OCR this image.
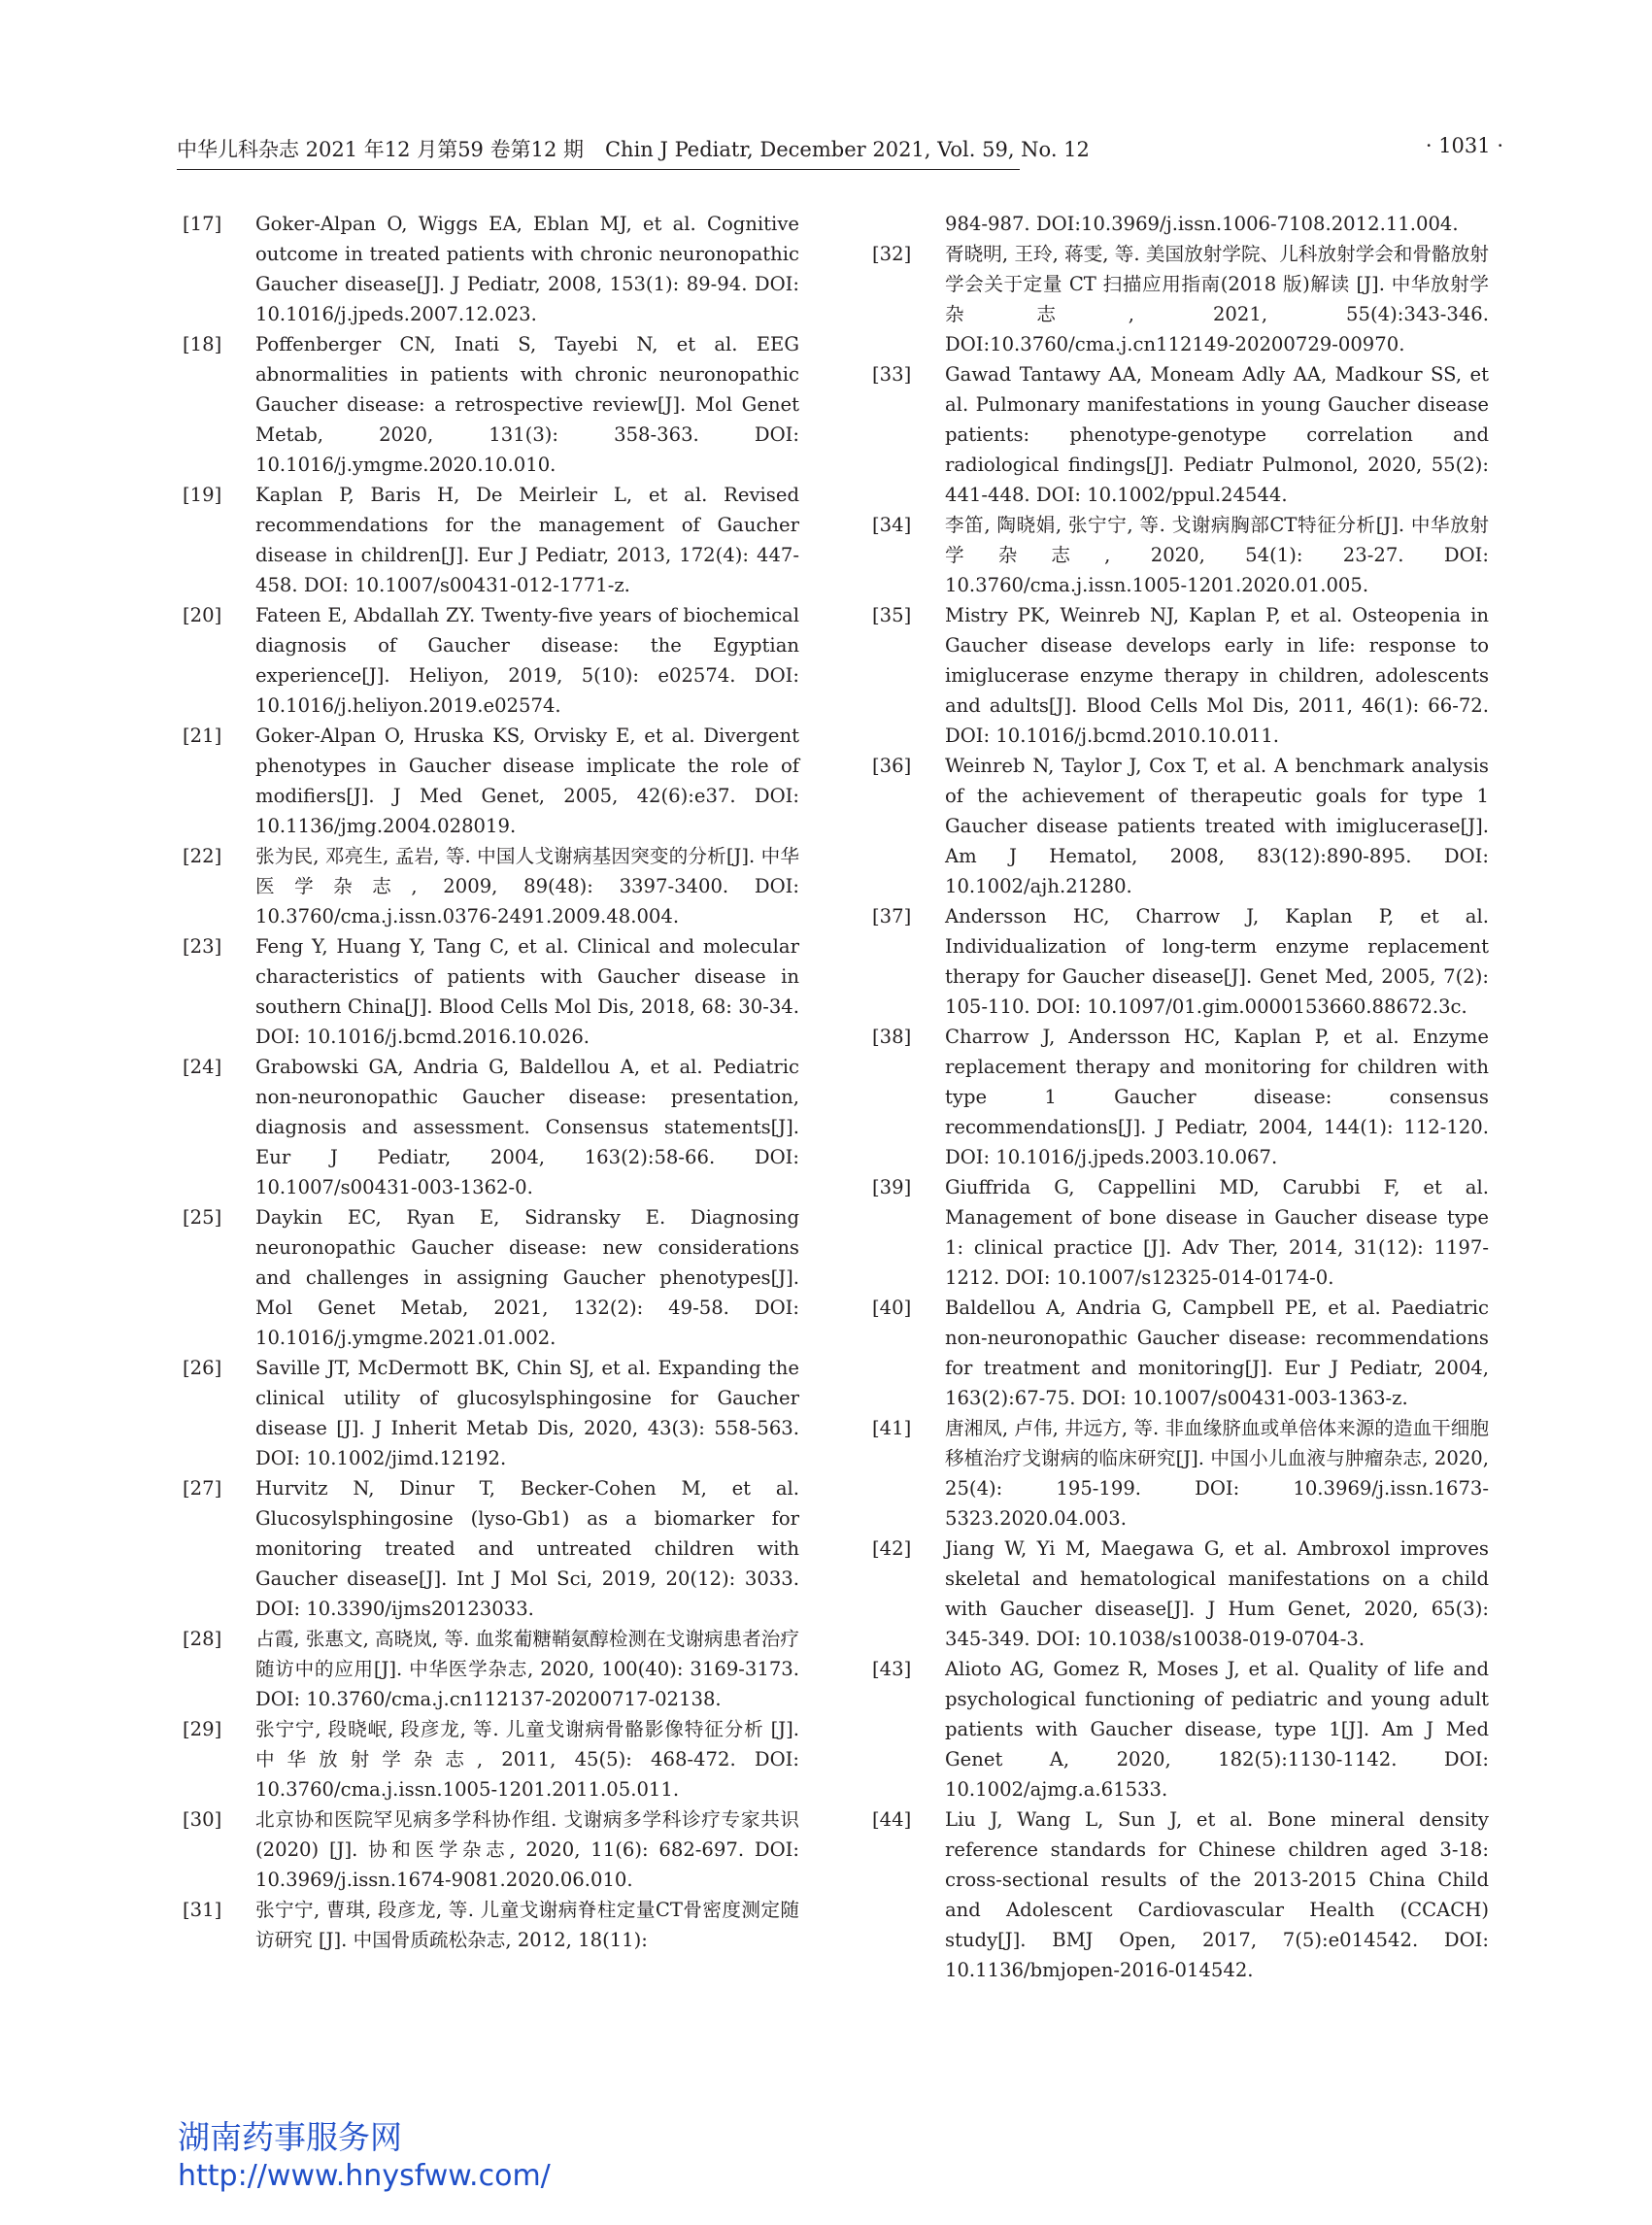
中华儿科杂志 2021 年12 月第59 卷第12 期 Chin J Pediatr, December 2021, Vol. 59, No. 12	· 1031 ·
[17] Goker-Alpan O, Wiggs EA, Eblan MJ, et al. Cognitive outcome in treated patients with chronic neuronopathic Gaucher disease[J]. J Pediatr, 2008, 153(1): 89-94. DOI: 10.1016/j.jpeds.2007.12.023.
[18] Poffenberger CN, Inati S, Tayebi N, et al. EEG abnormalities in patients with chronic neuronopathic Gaucher disease: a retrospective review[J]. Mol Genet Metab, 2020, 131(3): 358-363. DOI: 10.1016/j.ymgme.2020.10.010.
[19] Kaplan P, Baris H, De Meirleir L, et al. Revised recommendations for the management of Gaucher disease in children[J]. Eur J Pediatr, 2013, 172(4): 447-458. DOI: 10.1007/s00431-012-1771-z.
[20] Fateen E, Abdallah ZY. Twenty-five years of biochemical diagnosis of Gaucher disease: the Egyptian experience[J]. Heliyon, 2019, 5(10): e02574. DOI: 10.1016/j.heliyon.2019.e02574.
[21] Goker-Alpan O, Hruska KS, Orvisky E, et al. Divergent phenotypes in Gaucher disease implicate the role of modifiers[J]. J Med Genet, 2005, 42(6):e37. DOI: 10.1136/jmg.2004.028019.
[22] 张为民, 邓亮生, 孟岩, 等. 中国人戈谢病基因突变的分析[J]. 中华医学杂志, 2009, 89(48): 3397-3400. DOI: 10.3760/cma.j.issn.0376-2491.2009.48.004.
[23] Feng Y, Huang Y, Tang C, et al. Clinical and molecular characteristics of patients with Gaucher disease in southern China[J]. Blood Cells Mol Dis, 2018, 68: 30-34. DOI: 10.1016/j.bcmd.2016.10.026.
[24] Grabowski GA, Andria G, Baldellou A, et al. Pediatric non-neuronopathic Gaucher disease: presentation, diagnosis and assessment. Consensus statements[J]. Eur J Pediatr, 2004, 163(2):58-66. DOI: 10.1007/s00431-003-1362-0.
[25] Daykin EC, Ryan E, Sidransky E. Diagnosing neuronopathic Gaucher disease: new considerations and challenges in assigning Gaucher phenotypes[J]. Mol Genet Metab, 2021, 132(2): 49-58. DOI: 10.1016/j.ymgme.2021.01.002.
[26] Saville JT, McDermott BK, Chin SJ, et al. Expanding the clinical utility of glucosylsphingosine for Gaucher disease [J]. J Inherit Metab Dis, 2020, 43(3): 558-563. DOI: 10.1002/jimd.12192.
[27] Hurvitz N, Dinur T, Becker-Cohen M, et al. Glucosylsphingosine (lyso-Gb1) as a biomarker for monitoring treated and untreated children with Gaucher disease[J]. Int J Mol Sci, 2019, 20(12): 3033. DOI: 10.3390/ijms20123033.
[28] 占霞, 张惠文, 高晓岚, 等. 血浆葡糖鞘氨醇检测在戈谢病患者治疗随访中的应用[J]. 中华医学杂志, 2020, 100(40): 3169-3173. DOI: 10.3760/cma.j.cn112137-20200717-02138.
[29] 张宁宁, 段晓岷, 段彦龙, 等. 儿童戈谢病骨骼影像特征分析 [J]. 中华放射学杂志, 2011, 45(5): 468-472. DOI: 10.3760/cma.j.issn.1005-1201.2011.05.011.
[30] 北京协和医院罕见病多学科协作组. 戈谢病多学科诊疗专家共识(2020) [J]. 协和医学杂志, 2020, 11(6): 682-697. DOI: 10.3969/j.issn.1674-9081.2020.06.010.
[31] 张宁宁, 曹琪, 段彦龙, 等. 儿童戈谢病脊柱定量CT骨密度测定随访研究 [J]. 中国骨质疏松杂志, 2012, 18(11):
984-987. DOI:10.3969/j.issn.1006-7108.2012.11.004.
[32] 胥晓明, 王玲, 蒋雯, 等. 美国放射学院、儿科放射学会和骨骼放射学会关于定量 CT 扫描应用指南(2018 版)解读 [J]. 中华放射学杂志, 2021, 55(4):343-346. DOI:10.3760/cma.j.cn112149-20200729-00970.
[33] Gawad Tantawy AA, Moneam Adly AA, Madkour SS, et al. Pulmonary manifestations in young Gaucher disease patients: phenotype-genotype correlation and radiological findings[J]. Pediatr Pulmonol, 2020, 55(2): 441-448. DOI: 10.1002/ppul.24544.
[34] 李笛, 陶晓娟, 张宁宁, 等. 戈谢病胸部CT特征分析[J]. 中华放射学杂志, 2020, 54(1): 23-27. DOI: 10.3760/cma.j.issn.1005-1201.2020.01.005.
[35] Mistry PK, Weinreb NJ, Kaplan P, et al. Osteopenia in Gaucher disease develops early in life: response to imiglucerase enzyme therapy in children, adolescents and adults[J]. Blood Cells Mol Dis, 2011, 46(1): 66-72. DOI: 10.1016/j.bcmd.2010.10.011.
[36] Weinreb N, Taylor J, Cox T, et al. A benchmark analysis of the achievement of therapeutic goals for type 1 Gaucher disease patients treated with imiglucerase[J]. Am J Hematol, 2008, 83(12):890-895. DOI: 10.1002/ajh.21280.
[37] Andersson HC, Charrow J, Kaplan P, et al. Individualization of long-term enzyme replacement therapy for Gaucher disease[J]. Genet Med, 2005, 7(2): 105-110. DOI: 10.1097/01.gim.0000153660.88672.3c.
[38] Charrow J, Andersson HC, Kaplan P, et al. Enzyme replacement therapy and monitoring for children with type 1 Gaucher disease: consensus recommendations[J]. J Pediatr, 2004, 144(1): 112-120. DOI: 10.1016/j.jpeds.2003.10.067.
[39] Giuffrida G, Cappellini MD, Carubbi F, et al. Management of bone disease in Gaucher disease type 1: clinical practice [J]. Adv Ther, 2014, 31(12): 1197-1212. DOI: 10.1007/s12325-014-0174-0.
[40] Baldellou A, Andria G, Campbell PE, et al. Paediatric non-neuronopathic Gaucher disease: recommendations for treatment and monitoring[J]. Eur J Pediatr, 2004, 163(2):67-75. DOI: 10.1007/s00431-003-1363-z.
[41] 唐湘凤, 卢伟, 井远方, 等. 非血缘脐血或单倍体来源的造血干细胞移植治疗戈谢病的临床研究[J]. 中国小儿血液与肿瘤杂志, 2020, 25(4): 195-199. DOI: 10.3969/j.issn.1673-5323.2020.04.003.
[42] Jiang W, Yi M, Maegawa G, et al. Ambroxol improves skeletal and hematological manifestations on a child with Gaucher disease[J]. J Hum Genet, 2020, 65(3): 345-349. DOI: 10.1038/s10038-019-0704-3.
[43] Alioto AG, Gomez R, Moses J, et al. Quality of life and psychological functioning of pediatric and young adult patients with Gaucher disease, type 1[J]. Am J Med Genet A, 2020, 182(5):1130-1142. DOI: 10.1002/ajmg.a.61533.
[44] Liu J, Wang L, Sun J, et al. Bone mineral density reference standards for Chinese children aged 3-18: cross-sectional results of the 2013-2015 China Child and Adolescent Cardiovascular Health (CCACH) study[J]. BMJ Open, 2017, 7(5):e014542. DOI: 10.1136/bmjopen-2016-014542.
湖南药事服务网
http://www.hnysfww.com/
